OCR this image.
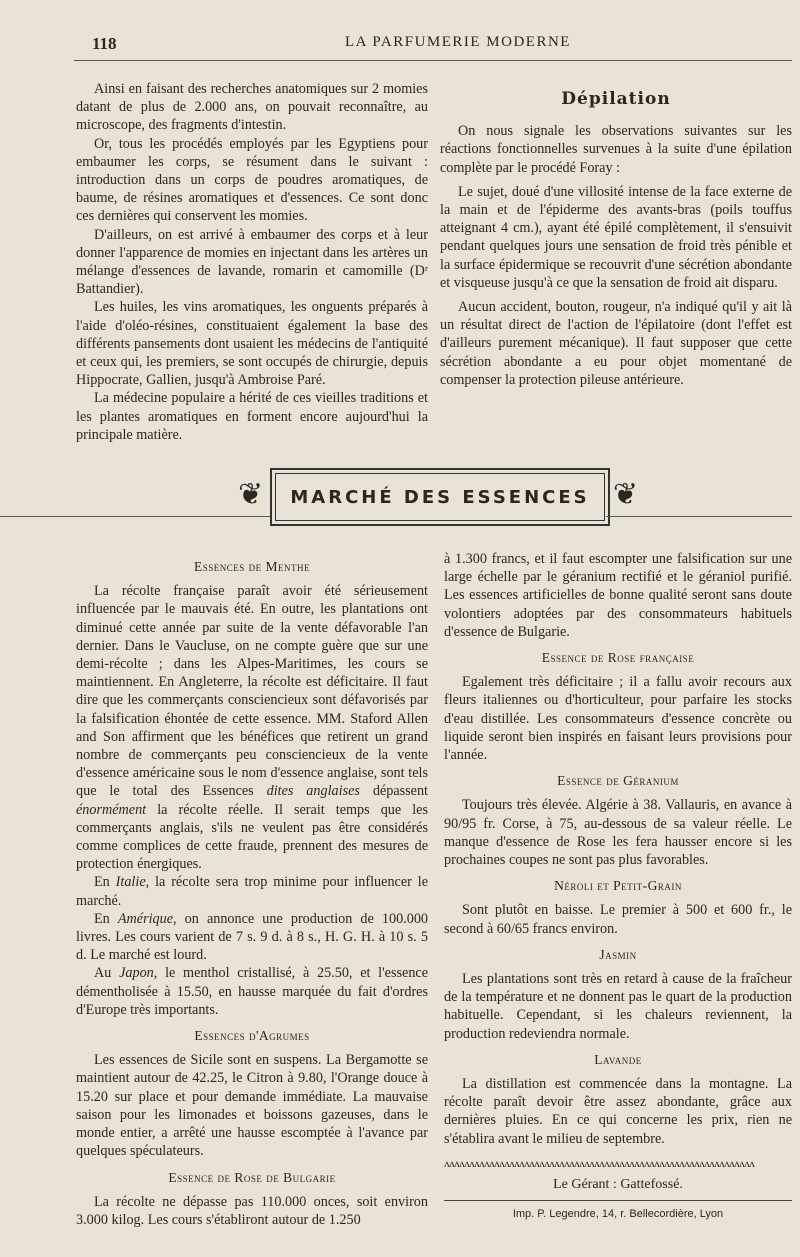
118	LA PARFUMERIE MODERNE

Ainsi en faisant des recherches anatomiques sur 2 momies datant de plus de 2.000 ans, on pouvait reconnaître, au microscope, des fragments d'intestin.

Or, tous les procédés employés par les Egyptiens pour embaumer les corps, se résument dans le suivant : introduction dans un corps de poudres aromatiques, de baume, de résines aromatiques et d'essences. Ce sont donc ces dernières qui conservent les momies.

D'ailleurs, on est arrivé à embaumer des corps et à leur donner l'apparence de momies en injectant dans les artères un mélange d'essences de lavande, romarin et camomille (Dʳ Battandier).

Les huiles, les vins aromatiques, les onguents préparés à l'aide d'oléo-résines, constituaient également la base des différents pansements dont usaient les médecins de l'antiquité et ceux qui, les premiers, se sont occupés de chirurgie, depuis Hippocrate, Gallien, jusqu'à Ambroise Paré.

La médecine populaire a hérité de ces vieilles traditions et les plantes aromatiques en forment encore aujourd'hui la principale matière.

Dépilation

On nous signale les observations suivantes sur les réactions fonctionnelles survenues à la suite d'une épilation complète par le procédé Foray :

Le sujet, doué d'une villosité intense de la face externe de la main et de l'épiderme des avants-bras (poils touffus atteignant 4 cm.), ayant été épilé complètement, il s'ensuivit pendant quelques jours une sensation de froid très pénible et la surface épidermique se recouvrit d'une sécrétion abondante et visqueuse jusqu'à ce que la sensation de froid ait disparu.

Aucun accident, bouton, rougeur, n'a indiqué qu'il y ait là un résultat direct de l'action de l'épilatoire (dont l'effet est d'ailleurs purement mécanique). Il faut supposer que cette sécrétion abondante a eu pour objet momentané de compenser la protection pileuse antérieure.

❦ MARCHÉ DES ESSENCES ❦
Essences de Menthe

La récolte française paraît avoir été sérieusement influencée par le mauvais été. En outre, les plantations ont diminué cette année par suite de la vente défavorable l'an dernier. Dans le Vaucluse, on ne compte guère que sur une demi-récolte ; dans les Alpes-Maritimes, les cours se maintiennent. En Angleterre, la récolte est déficitaire. Il faut dire que les commerçants consciencieux sont défavorisés par la falsification éhontée de cette essence. MM. Staford Allen and Son affirment que les bénéfices que retirent un grand nombre de commerçants peu consciencieux de la vente d'essence américaine sous le nom d'essence anglaise, sont tels que le total des Essences dites anglaises dépassent énormément la récolte réelle. Il serait temps que les commerçants anglais, s'ils ne veulent pas être considérés comme complices de cette fraude, prennent des mesures de protection énergiques.

En Italie, la récolte sera trop minime pour influencer le marché.

En Amérique, on annonce une production de 100.000 livres. Les cours varient de 7 s. 9 d. à 8 s., H. G. H. à 10 s. 5 d. Le marché est lourd.

Au Japon, le menthol cristallisé, à 25.50, et l'essence démentholisée à 15.50, en hausse marquée du fait d'ordres d'Europe très importants.

Essences d'Agrumes

Les essences de Sicile sont en suspens. La Bergamotte se maintient autour de 42.25, le Citron à 9.80, l'Orange douce à 15.20 sur place et pour demande immédiate. La mauvaise saison pour les limonades et boissons gazeuses, dans le monde entier, a arrêté une hausse escomptée à l'avance par quelques spéculateurs.

Essence de Rose de Bulgarie

La récolte ne dépasse pas 110.000 onces, soit environ 3.000 kilog. Les cours s'établiront autour de 1.250

à 1.300 francs, et il faut escompter une falsification sur une large échelle par le géranium rectifié et le géraniol purifié. Les essences artificielles de bonne qualité seront sans doute volontiers adoptées par des consommateurs habituels d'essence de Bulgarie.

Essence de Rose française

Egalement très déficitaire ; il a fallu avoir recours aux fleurs italiennes ou d'horticulteur, pour parfaire les stocks d'eau distillée. Les consommateurs d'essence concrète ou liquide seront bien inspirés en faisant leurs provisions pour l'année.

Essence de Géranium

Toujours très élevée. Algérie à 38. Vallauris, en avance à 90/95 fr. Corse, à 75, au-dessous de sa valeur réelle. Le manque d'essence de Rose les fera hausser encore si les prochaines coupes ne sont pas plus favorables.

Néroli et Petit-Grain

Sont plutôt en baisse. Le premier à 500 et 600 fr., le second à 60/65 francs environ.

Jasmin

Les plantations sont très en retard à cause de la fraîcheur de la température et ne donnent pas le quart de la production habituelle. Cependant, si les chaleurs reviennent, la production redeviendra normale.

Lavande

La distillation est commencée dans la montagne. La récolte paraît devoir être assez abondante, grâce aux dernières pluies. En ce qui concerne les prix, rien ne s'établira avant le milieu de septembre.

ʌʌʌʌʌʌʌʌʌʌʌʌʌʌʌʌʌʌʌʌʌʌʌʌʌʌʌʌʌʌʌʌʌʌʌʌʌʌʌʌʌʌʌʌʌʌʌʌʌʌʌʌʌʌʌʌʌʌʌʌʌʌ
Le Gérant : Gattefossé.
Imp. P. Legendre, 14, r. Bellecordière, Lyon
